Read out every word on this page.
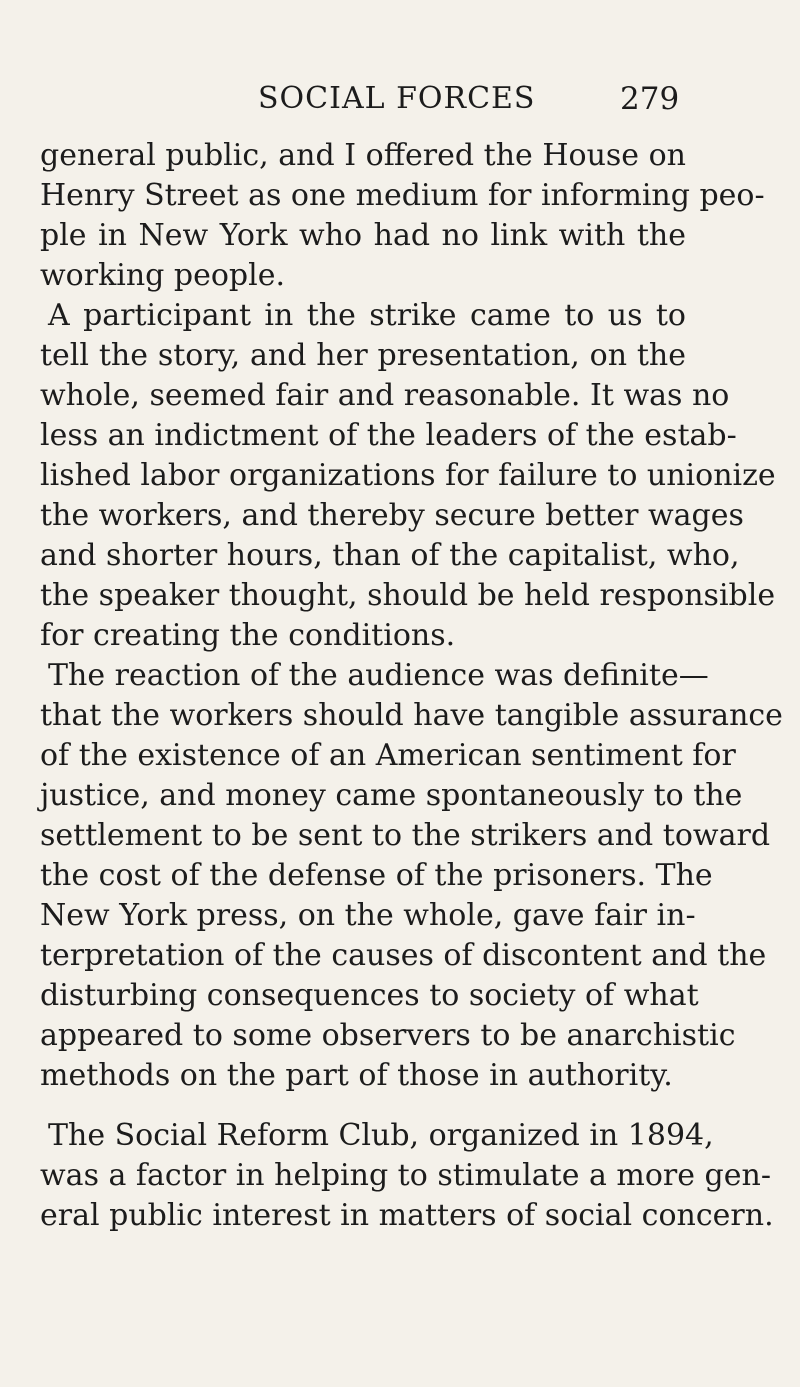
SOCIAL FORCES	279
general public, and I offered the House on
Henry Street as one medium for informing peo-
ple in New York who had no link with the
working people.
A participant in the strike came to us to
tell the story, and her presentation, on the
whole, seemed fair and reasonable. It was no
less an indictment of the leaders of the estab-
lished labor organizations for failure to unionize
the workers, and thereby secure better wages
and shorter hours, than of the capitalist, who,
the speaker thought, should be held responsible
for creating the conditions.
The reaction of the audience was definite—
that the workers should have tangible assurance
of the existence of an American sentiment for
justice, and money came spontaneously to the
settlement to be sent to the strikers and toward
the cost of the defense of the prisoners. The
New York press, on the whole, gave fair in-
terpretation of the causes of discontent and the
disturbing consequences to society of what
appeared to some observers to be anarchistic
methods on the part of those in authority.
The Social Reform Club, organized in 1894,
was a factor in helping to stimulate a more gen-
eral public interest in matters of social concern.
